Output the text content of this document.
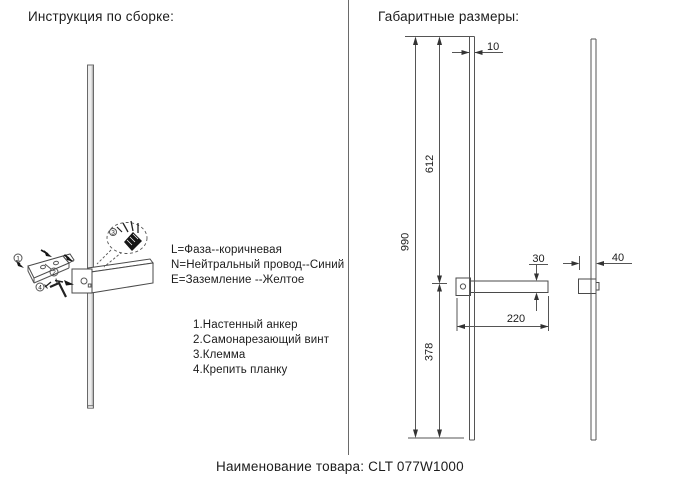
Инструкция по сборке:
1
2
4
3
L=Фаза--коричневая
N=Нейтральный провод--Синий
E=Заземление --Желтое
1.Настенный анкер
2.Самонарезающий винт
3.Клемма
4.Крепить планку
Габаритные размеры:
990
612
378
10
30
220
40
Наименование товара: CLT 077W1000
